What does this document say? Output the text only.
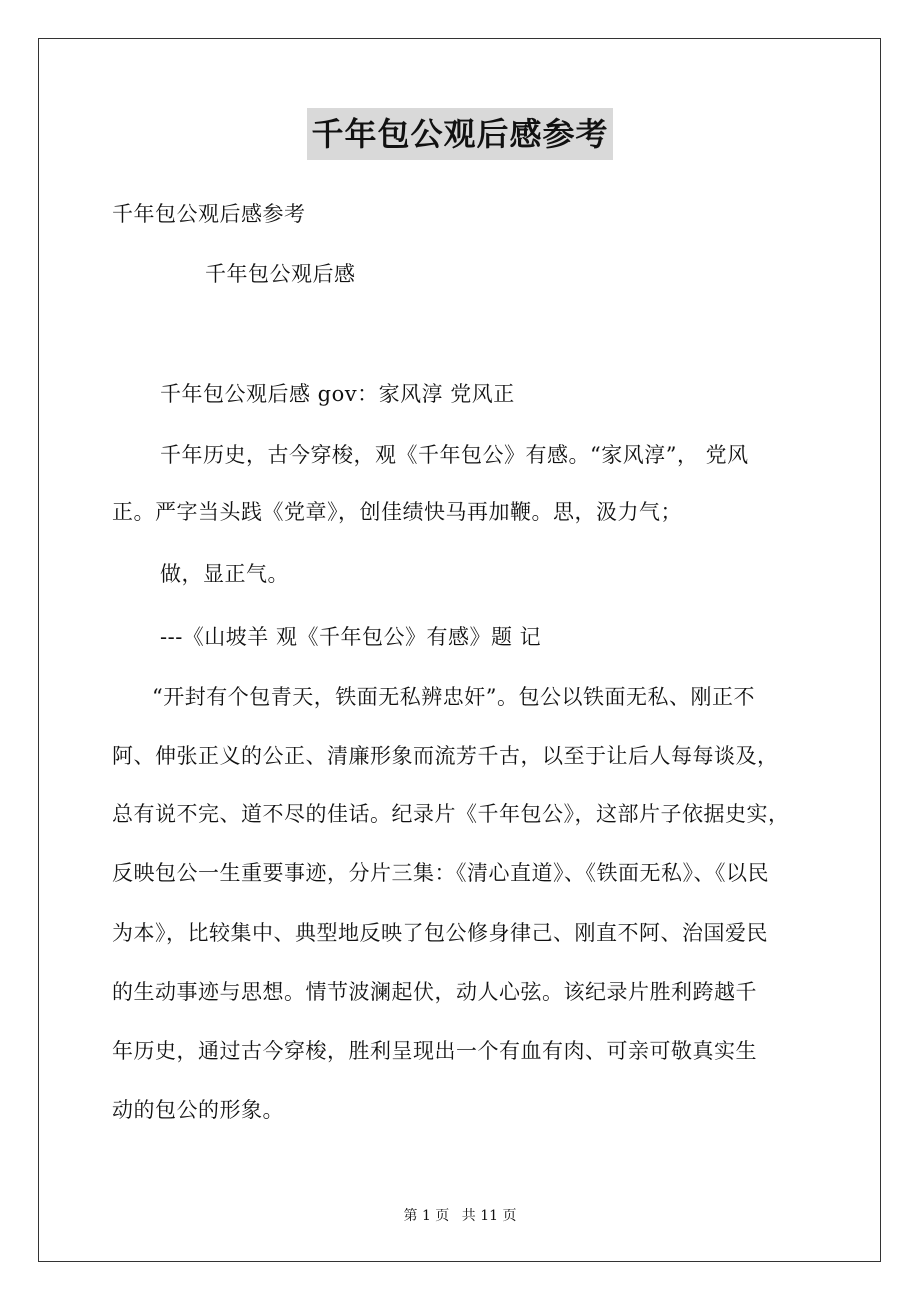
千年包公观后感参考
千年包公观后感参考
千年包公观后感
千年包公观后感 gov：家风淳 党风正
千年历史，古今穿梭，观《千年包公》有感。“家风淳”， 党风
正。严字当头践《党章》，创佳绩快马再加鞭。思，汲力气；
做，显正气。
---《山坡羊 观《千年包公》有感》题 记
“开封有个包青天，铁面无私辨忠奸”。包公以铁面无私、刚正不
阿、伸张正义的公正、清廉形象而流芳千古，以至于让后人每每谈及，
总有说不完、道不尽的佳话。纪录片《千年包公》，这部片子依据史实，
反映包公一生重要事迹，分片三集：《清心直道》、《铁面无私》、《以民
为本》，比较集中、典型地反映了包公修身律己、刚直不阿、治国爱民
的生动事迹与思想。情节波澜起伏，动人心弦。该纪录片胜利跨越千
年历史，通过古今穿梭，胜利呈现出一个有血有肉、可亲可敬真实生
动的包公的形象。
第 1 页 共 11 页
